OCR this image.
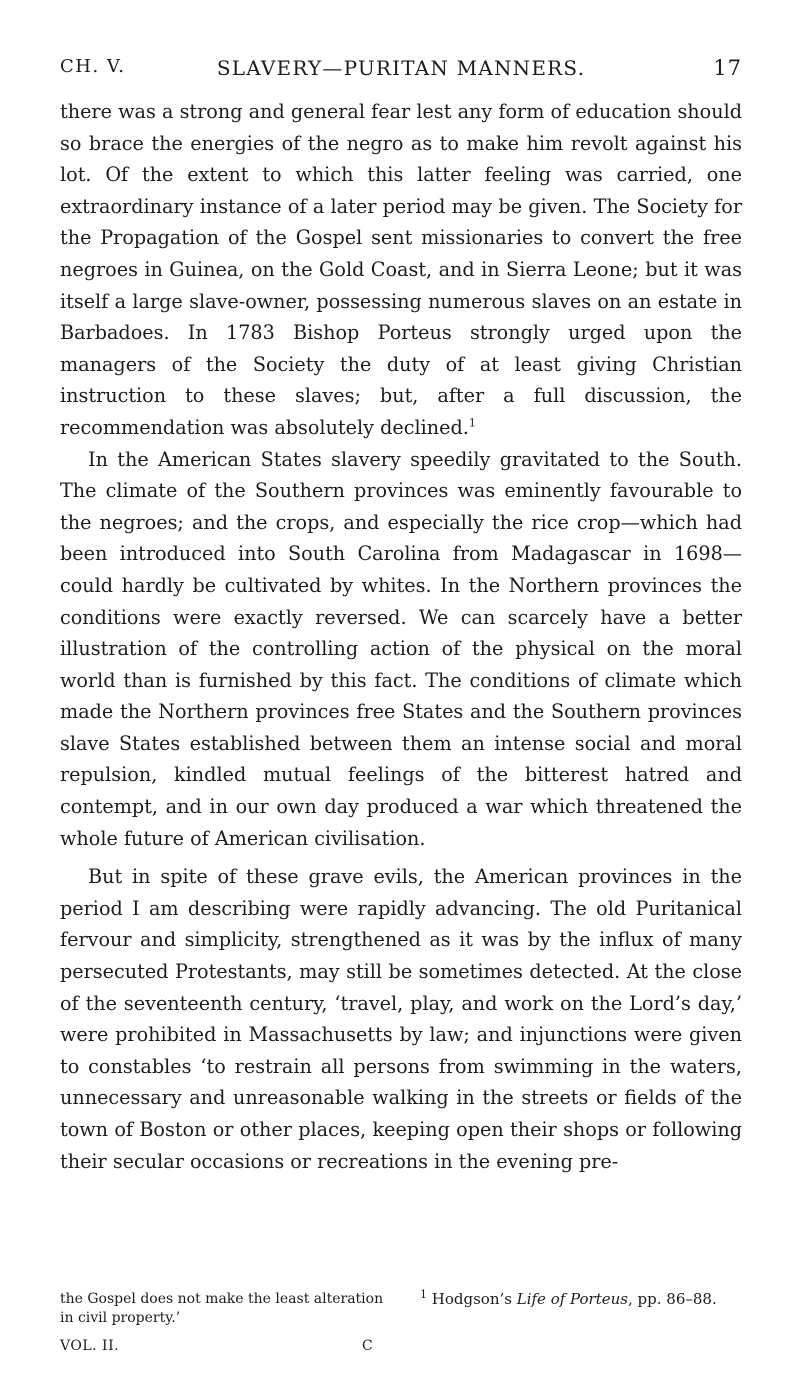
CH. V.	SLAVERY—PURITAN MANNERS.	17

there was a strong and general fear lest any form of education should so brace the energies of the negro as to make him revolt against his lot. Of the extent to which this latter feeling was carried, one extraordinary instance of a later period may be given. The Society for the Propagation of the Gospel sent missionaries to convert the free negroes in Guinea, on the Gold Coast, and in Sierra Leone; but it was itself a large slave-owner, possessing numerous slaves on an estate in Barbadoes. In 1783 Bishop Porteus strongly urged upon the managers of the Society the duty of at least giving Christian instruction to these slaves; but, after a full discussion, the recommendation was absolutely declined.$^1$

In the American States slavery speedily gravitated to the South. The climate of the Southern provinces was eminently favourable to the negroes; and the crops, and especially the rice crop—which had been introduced into South Carolina from Madagascar in 1698—could hardly be cultivated by whites. In the Northern provinces the conditions were exactly reversed. We can scarcely have a better illustration of the controlling action of the physical on the moral world than is furnished by this fact. The conditions of climate which made the Northern provinces free States and the Southern provinces slave States established between them an intense social and moral repulsion, kindled mutual feelings of the bitterest hatred and contempt, and in our own day produced a war which threatened the whole future of American civilisation.

But in spite of these grave evils, the American provinces in the period I am describing were rapidly advancing. The old Puritanical fervour and simplicity, strengthened as it was by the influx of many persecuted Protestants, may still be sometimes detected. At the close of the seventeenth century, ‘travel, play, and work on the Lord’s day,’ were prohibited in Massachusetts by law; and injunctions were given to constables ‘to restrain all persons from swimming in the waters, unnecessary and unreasonable walking in the streets or fields of the town of Boston or other places, keeping open their shops or following their secular occasions or recreations in the evening pre-

the Gospel does not make the least alteration in civil property.’
$^1$ Hodgson’s Life of Porteus, pp. 86–88.
VOL. II.	C
